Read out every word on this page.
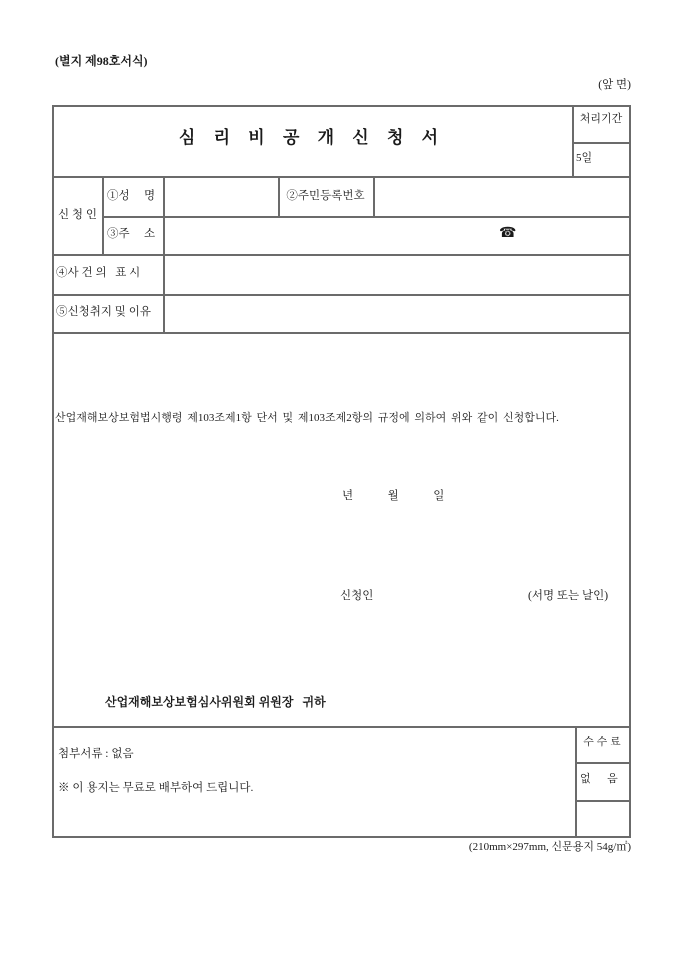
(별지 제98호서식)
(앞 면)
심 리 비 공 개 신 청 서
처리기간
5일
신 청 인
①성     명	②주민등록번호
③주     소	☎
④사 건 의   표 시
⑤신청취지 및 이유
산업재해보상보험법시행령 제103조제1항 단서 및 제103조제2항의 규정에 의하여 위와 같이 신청합니다.
년            월            일
신청인	(서명 또는 날인)
산업재해보상보험심사위원회 위원장   귀하
첨부서류 : 없음
※ 이 용지는 무료로 배부하여 드립니다.
수 수 료
없      음
(210mm×297mm, 신문용지 54g/㎡)
